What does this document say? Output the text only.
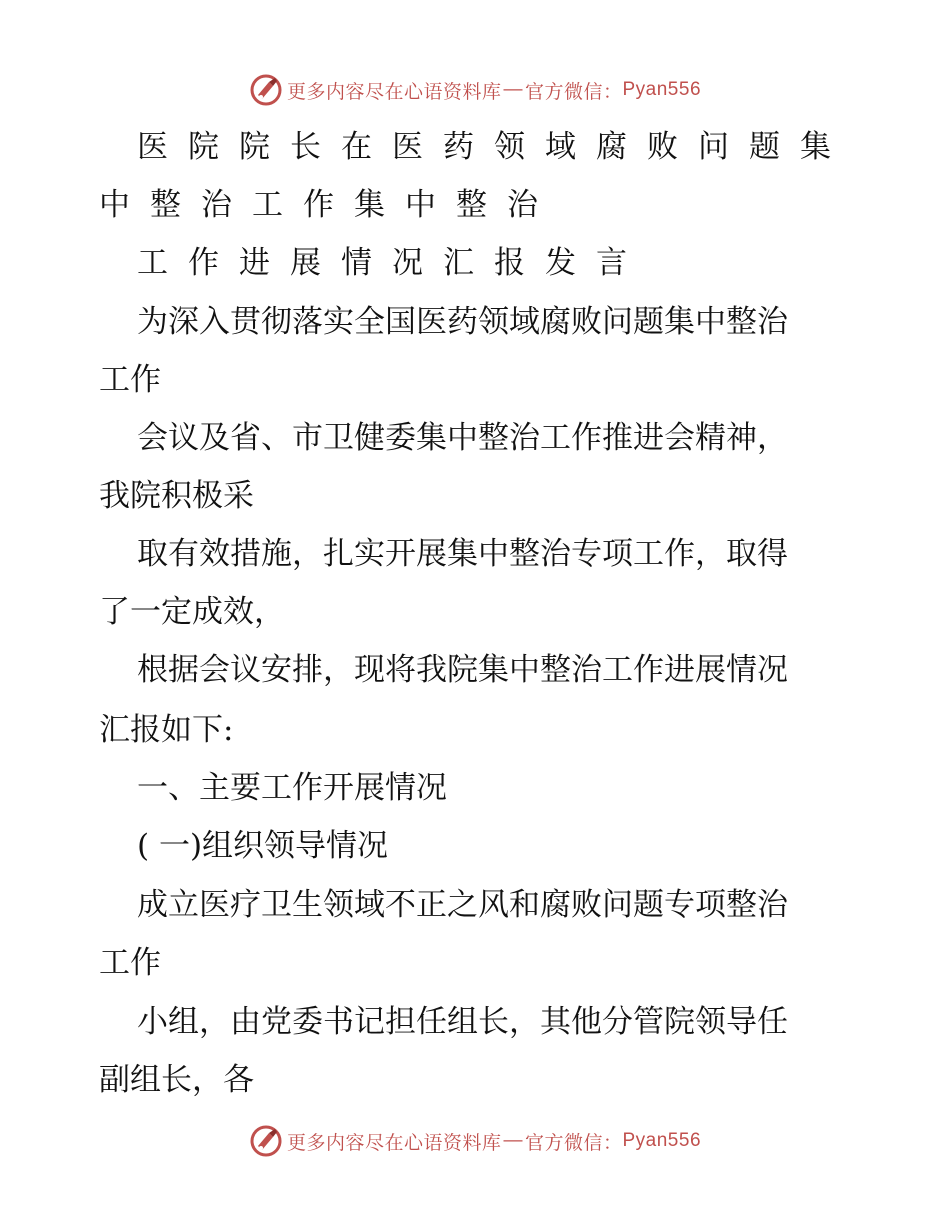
更多内容尽在心语资料库 — 官方微信： Pyan556
医院院长在医药领域腐败问题集
中整治工作集中整治
工作进展情况汇报发言
为深入贯彻落实全国医药领域腐败问题集中整治
工作
会议及省、市卫健委集中整治工作推进会精神，
我院积极采
取有效措施，扎实开展集中整治专项工作，取得
了一定成效，
根据会议安排，现将我院集中整治工作进展情况
汇报如下:
一、主要工作开展情况
( 一)组织领导情况
成立医疗卫生领域不正之风和腐败问题专项整治
工作
小组，由党委书记担任组长，其他分管院领导任
副组长，各
更多内容尽在心语资料库 — 官方微信： Pyan556
